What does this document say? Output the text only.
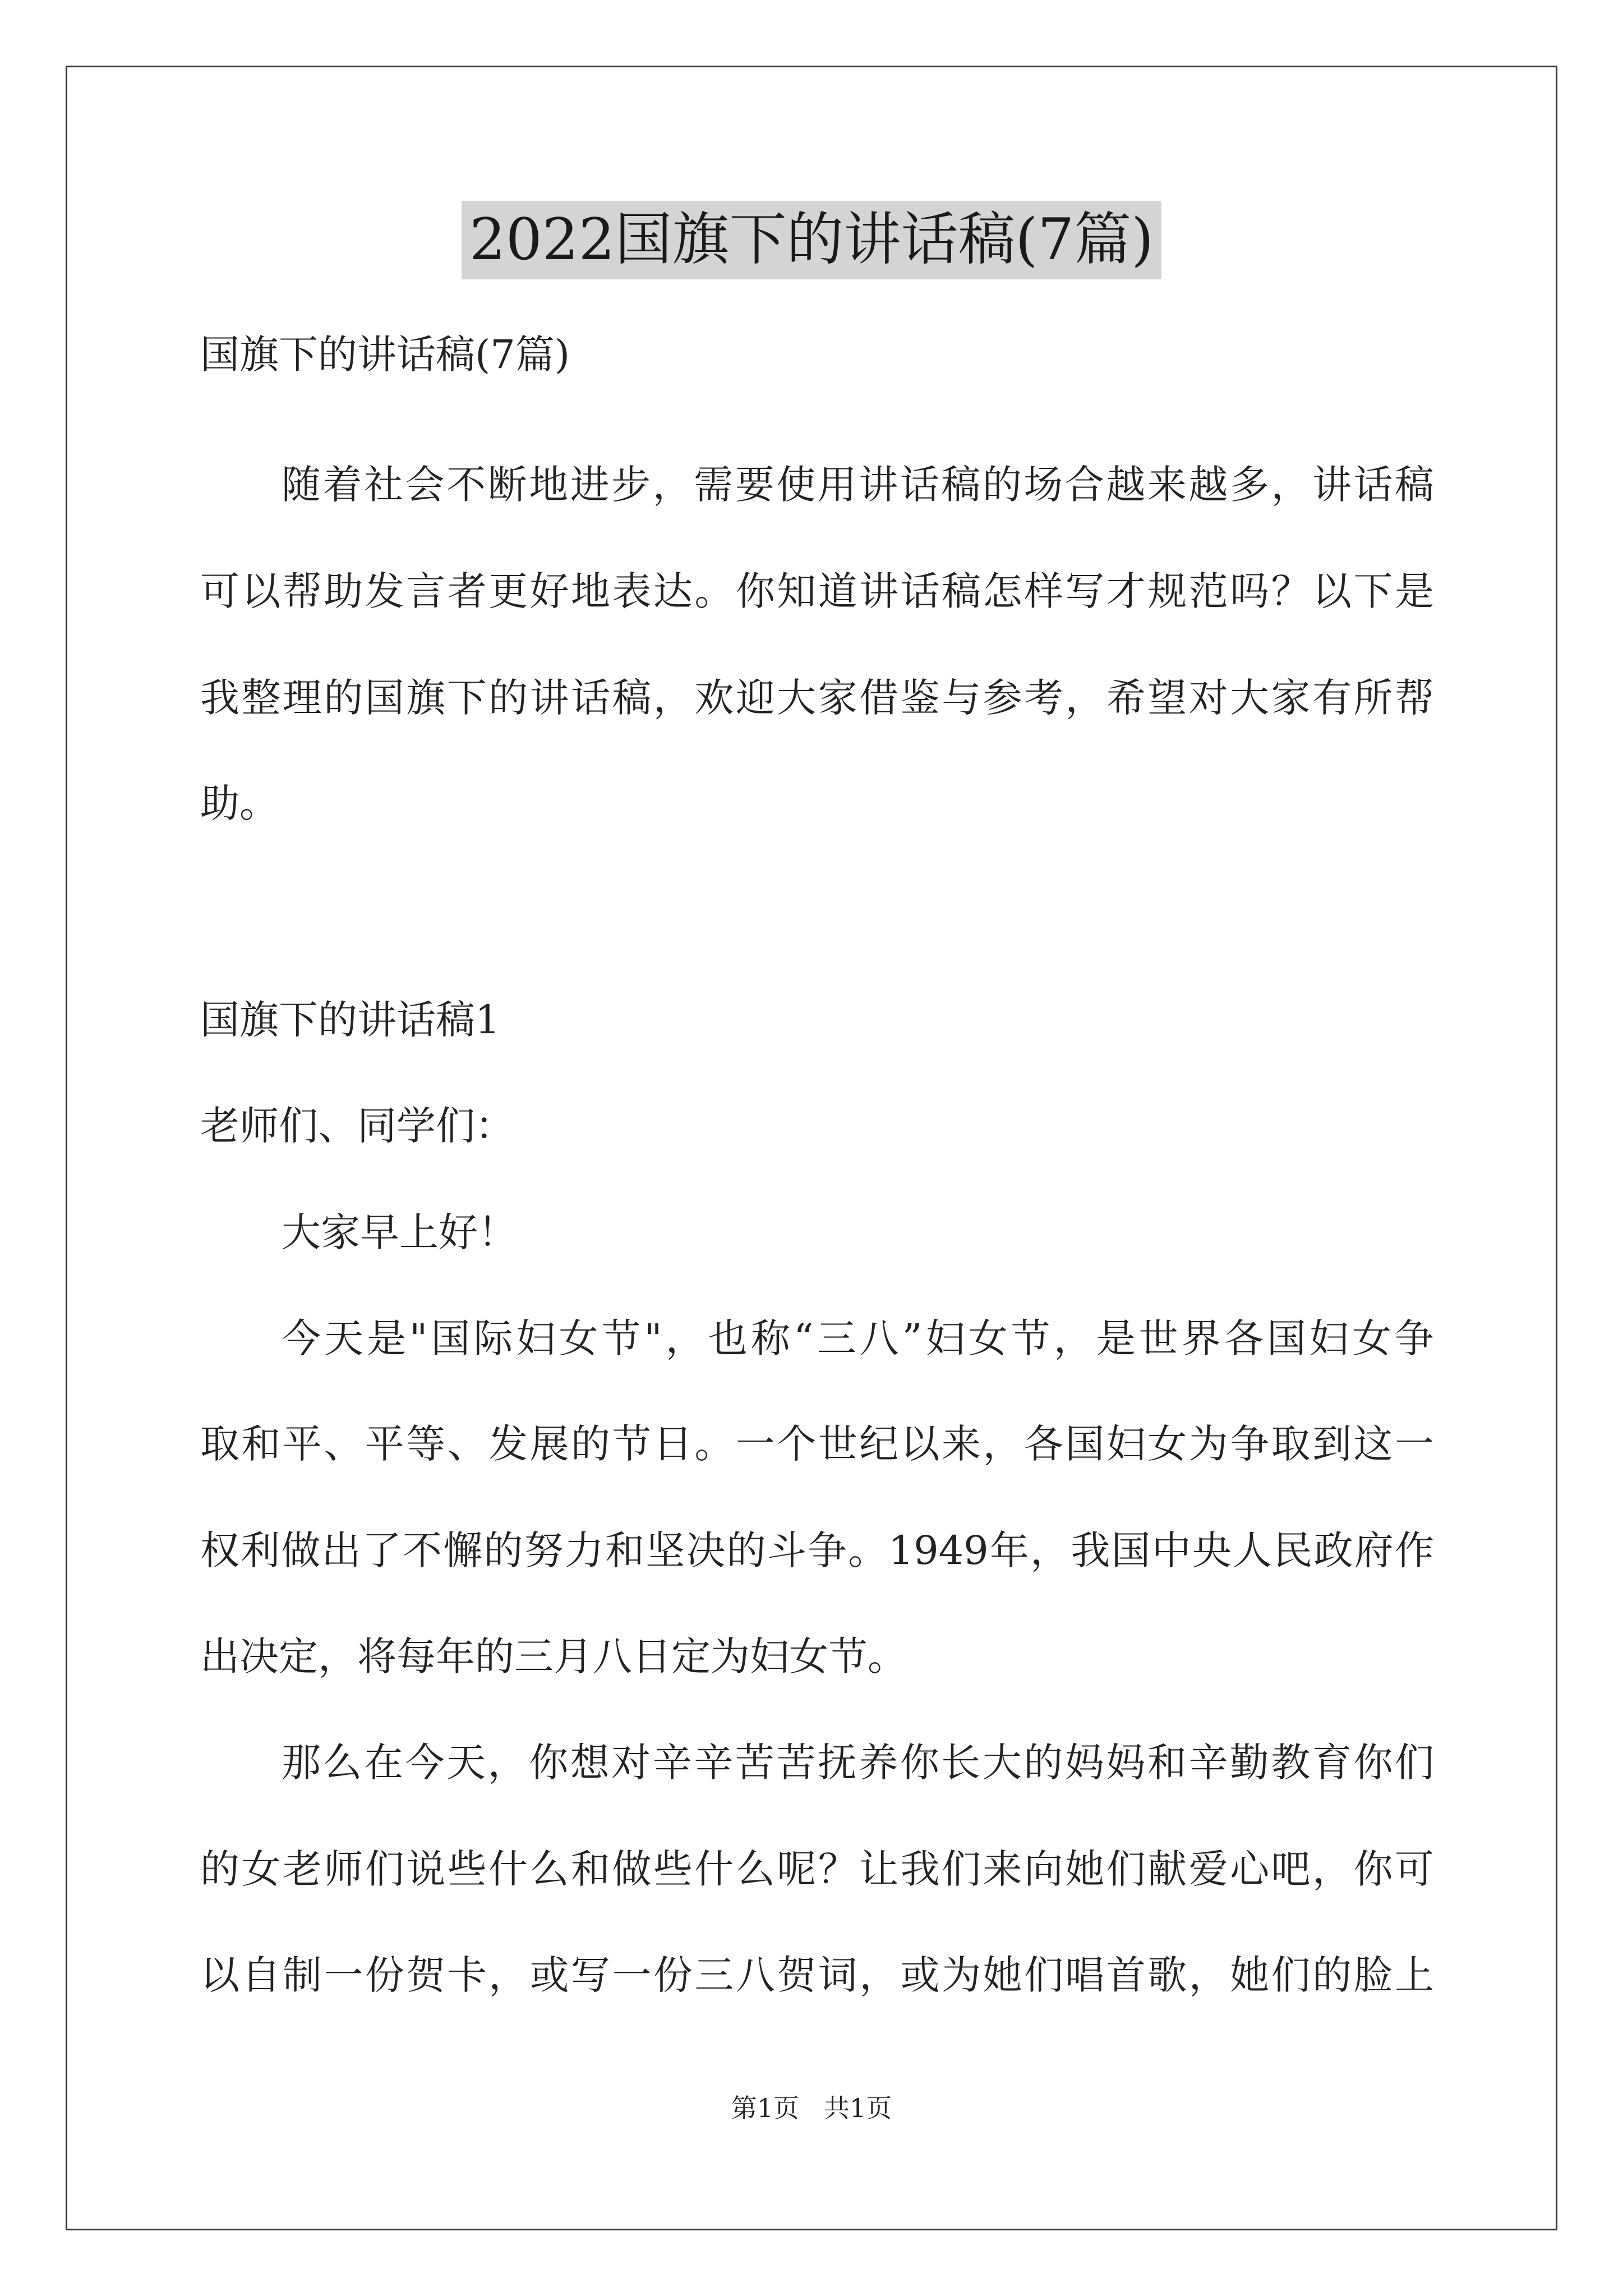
2022国旗下的讲话稿(7篇)

国旗下的讲话稿(7篇)

随着社会不断地进步，需要使用讲话稿的场合越来越多，讲话稿

可以帮助发言者更好地表达。你知道讲话稿怎样写才规范吗？以下是

我整理的国旗下的讲话稿，欢迎大家借鉴与参考，希望对大家有所帮

助。

国旗下的讲话稿1

老师们、同学们：

大家早上好！

今天是"国际妇女节"，也称“三八”妇女节，是世界各国妇女争

取和平、平等、发展的节日。一个世纪以来，各国妇女为争取到这一

权利做出了不懈的努力和坚决的斗争。1949年，我国中央人民政府作

出决定，将每年的三月八日定为妇女节。

那么在今天，你想对辛辛苦苦抚养你长大的妈妈和辛勤教育你们

的女老师们说些什么和做些什么呢？让我们来向她们献爱心吧，你可

以自制一份贺卡，或写一份三八贺词，或为她们唱首歌，她们的脸上

第1页 共1页
